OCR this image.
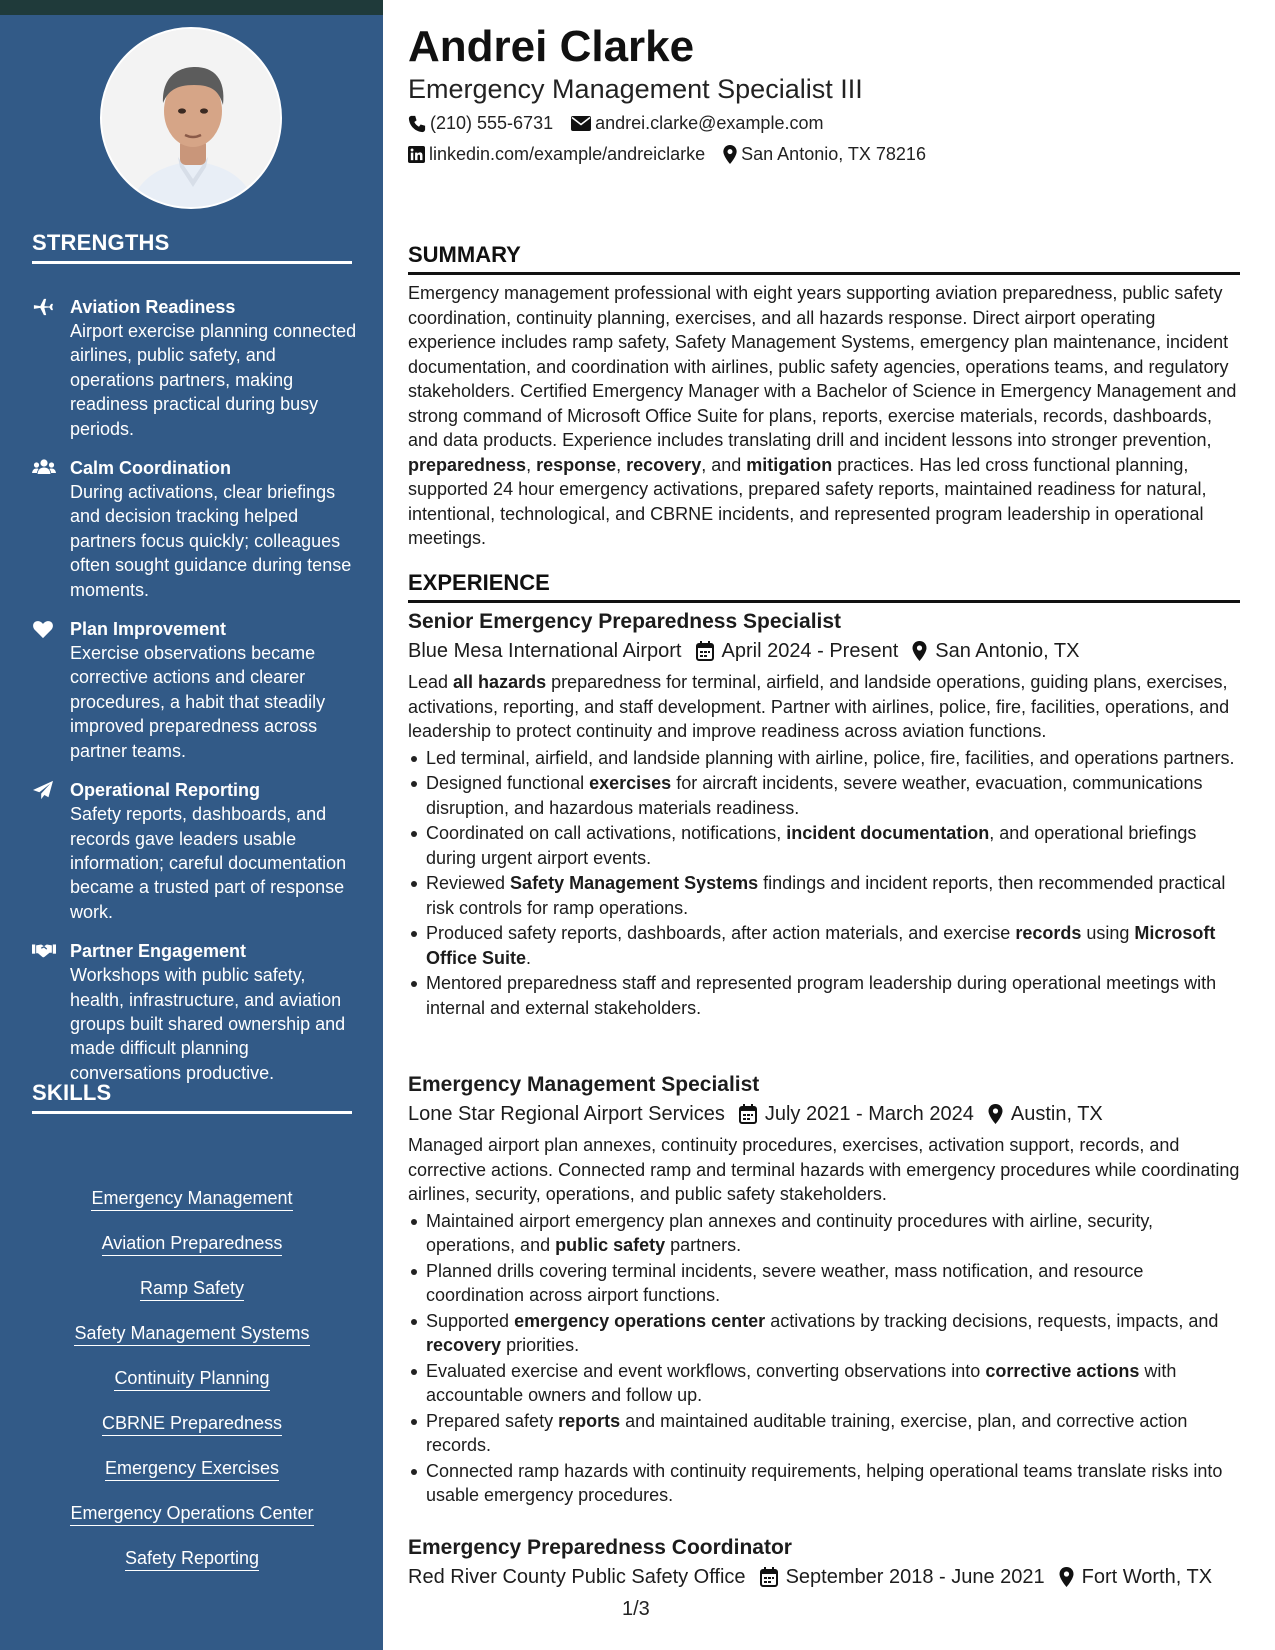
STRENGTHS
Aviation Readiness
Airport exercise planning connected airlines, public safety, and operations partners, making readiness practical during busy periods.
Calm Coordination
During activations, clear briefings and decision tracking helped partners focus quickly; colleagues often sought guidance during tense moments.
Plan Improvement
Exercise observations became corrective actions and clearer procedures, a habit that steadily improved preparedness across partner teams.
Operational Reporting
Safety reports, dashboards, and records gave leaders usable information; careful documentation became a trusted part of response work.
Partner Engagement
Workshops with public safety, health, infrastructure, and aviation groups built shared ownership and made difficult planning conversations productive.
SKILLS
Emergency Management
Aviation Preparedness
Ramp Safety
Safety Management Systems
Continuity Planning
CBRNE Preparedness
Emergency Exercises
Emergency Operations Center
Safety Reporting
Andrei Clarke
Emergency Management Specialist III
(210) 555-6731 andrei.clarke@example.com
linkedin.com/example/andreiclarke San Antonio, TX 78216
SUMMARY

Emergency management professional with eight years supporting aviation preparedness, public safety coordination, continuity planning, exercises, and all hazards response. Direct airport operating experience includes ramp safety, Safety Management Systems, emergency plan maintenance, incident documentation, and coordination with airlines, public safety agencies, operations teams, and regulatory stakeholders. Certified Emergency Manager with a Bachelor of Science in Emergency Management and strong command of Microsoft Office Suite for plans, reports, exercise materials, records, dashboards, and data products. Experience includes translating drill and incident lessons into stronger prevention, preparedness, response, recovery, and mitigation practices. Has led cross functional planning, supported 24 hour emergency activations, prepared safety reports, maintained readiness for natural, intentional, technological, and CBRNE incidents, and represented program leadership in operational meetings.

EXPERIENCE
Senior Emergency Preparedness Specialist
Blue Mesa International Airport April 2024 - Present San Antonio, TX

Lead all hazards preparedness for terminal, airfield, and landside operations, guiding plans, exercises, activations, reporting, and staff development. Partner with airlines, police, fire, facilities, operations, and leadership to protect continuity and improve readiness across aviation functions.

Led terminal, airfield, and landside planning with airline, police, fire, facilities, and operations partners.
Designed functional exercises for aircraft incidents, severe weather, evacuation, communications disruption, and hazardous materials readiness.
Coordinated on call activations, notifications, incident documentation, and operational briefings during urgent airport events.
Reviewed Safety Management Systems findings and incident reports, then recommended practical risk controls for ramp operations.
Produced safety reports, dashboards, after action materials, and exercise records using Microsoft Office Suite.
Mentored preparedness staff and represented program leadership during operational meetings with internal and external stakeholders.
Emergency Management Specialist
Lone Star Regional Airport Services July 2021 - March 2024 Austin, TX

Managed airport plan annexes, continuity procedures, exercises, activation support, records, and corrective actions. Connected ramp and terminal hazards with emergency procedures while coordinating airlines, security, operations, and public safety stakeholders.

Maintained airport emergency plan annexes and continuity procedures with airline, security, operations, and public safety partners.
Planned drills covering terminal incidents, severe weather, mass notification, and resource coordination across airport functions.
Supported emergency operations center activations by tracking decisions, requests, impacts, and recovery priorities.
Evaluated exercise and event workflows, converting observations into corrective actions with accountable owners and follow up.
Prepared safety reports and maintained auditable training, exercise, plan, and corrective action records.
Connected ramp hazards with continuity requirements, helping operational teams translate risks into usable emergency procedures.
Emergency Preparedness Coordinator
Red River County Public Safety Office September 2018 - June 2021 Fort Worth, TX
1/3
